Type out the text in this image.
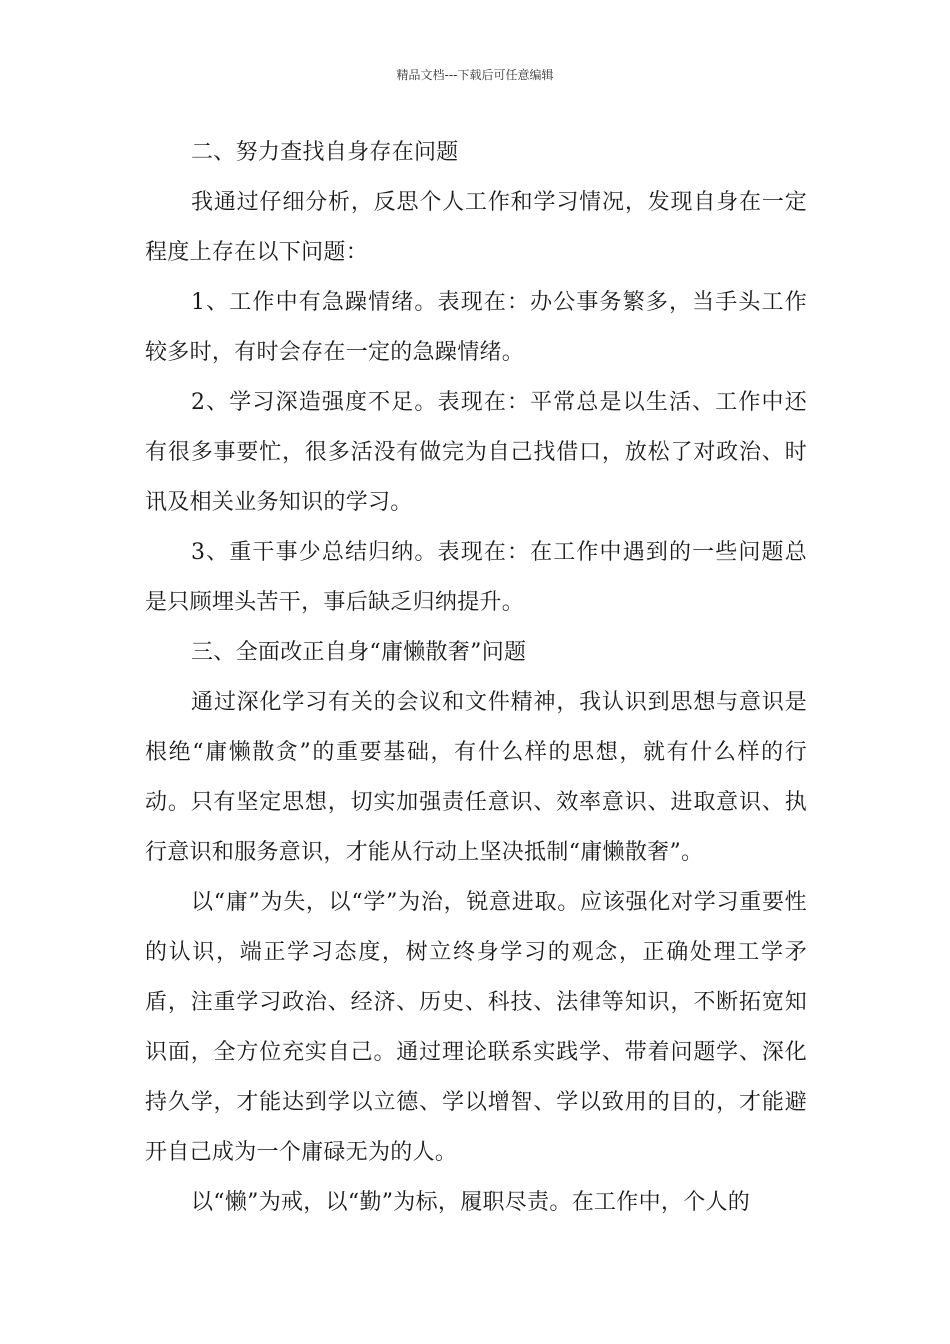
精品文档---下载后可任意编辑

二、努力查找自身存在问题

我通过仔细分析，反思个人工作和学习情况，发现自身在一定程度上存在以下问题：

1、工作中有急躁情绪。表现在：办公事务繁多，当手头工作较多时，有时会存在一定的急躁情绪。

2、学习深造强度不足。表现在：平常总是以生活、工作中还有很多事要忙，很多活没有做完为自己找借口，放松了对政治、时讯及相关业务知识的学习。

3、重干事少总结归纳。表现在：在工作中遇到的一些问题总是只顾埋头苦干，事后缺乏归纳提升。

三、全面改正自身“庸懒散奢”问题

通过深化学习有关的会议和文件精神，我认识到思想与意识是根绝“庸懒散贪”的重要基础，有什么样的思想，就有什么样的行动。只有坚定思想，切实加强责任意识、效率意识、进取意识、执行意识和服务意识，才能从行动上坚决抵制“庸懒散奢”。

以“庸”为失，以“学”为治，锐意进取。应该强化对学习重要性的认识，端正学习态度，树立终身学习的观念，正确处理工学矛盾，注重学习政治、经济、历史、科技、法律等知识，不断拓宽知识面，全方位充实自己。通过理论联系实践学、带着问题学、深化持久学，才能达到学以立德、学以增智、学以致用的目的，才能避开自己成为一个庸碌无为的人。

以“懒”为戒，以“勤”为标，履职尽责。在工作中，个人的
